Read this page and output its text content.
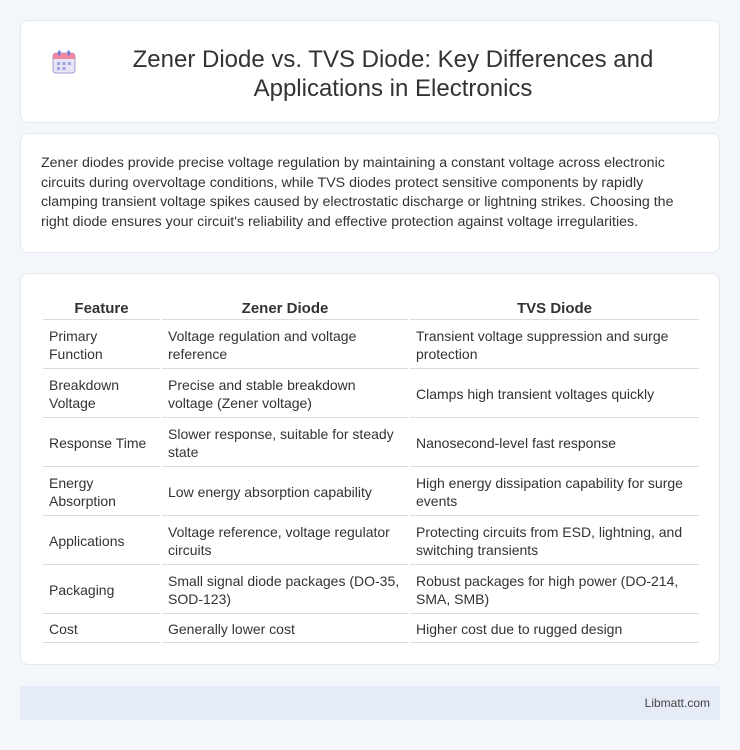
Zener Diode vs. TVS Diode: Key Differences and Applications in Electronics

Zener diodes provide precise voltage regulation by maintaining a constant voltage across electronic circuits during overvoltage conditions, while TVS diodes protect sensitive components by rapidly clamping transient voltage spikes caused by electrostatic discharge or lightning strikes. Choosing the right diode ensures your circuit's reliability and effective protection against voltage irregularities.

Feature	Zener Diode	TVS Diode
Primary Function	Voltage regulation and voltage reference	Transient voltage suppression and surge protection
Breakdown Voltage	Precise and stable breakdown voltage (Zener voltage)	Clamps high transient voltages quickly
Response Time	Slower response, suitable for steady state	Nanosecond-level fast response
Energy Absorption	Low energy absorption capability	High energy dissipation capability for surge events
Applications	Voltage reference, voltage regulator circuits	Protecting circuits from ESD, lightning, and switching transients
Packaging	Small signal diode packages (DO-35, SOD-123)	Robust packages for high power (DO-214, SMA, SMB)
Cost	Generally lower cost	Higher cost due to rugged design
Libmatt.com
